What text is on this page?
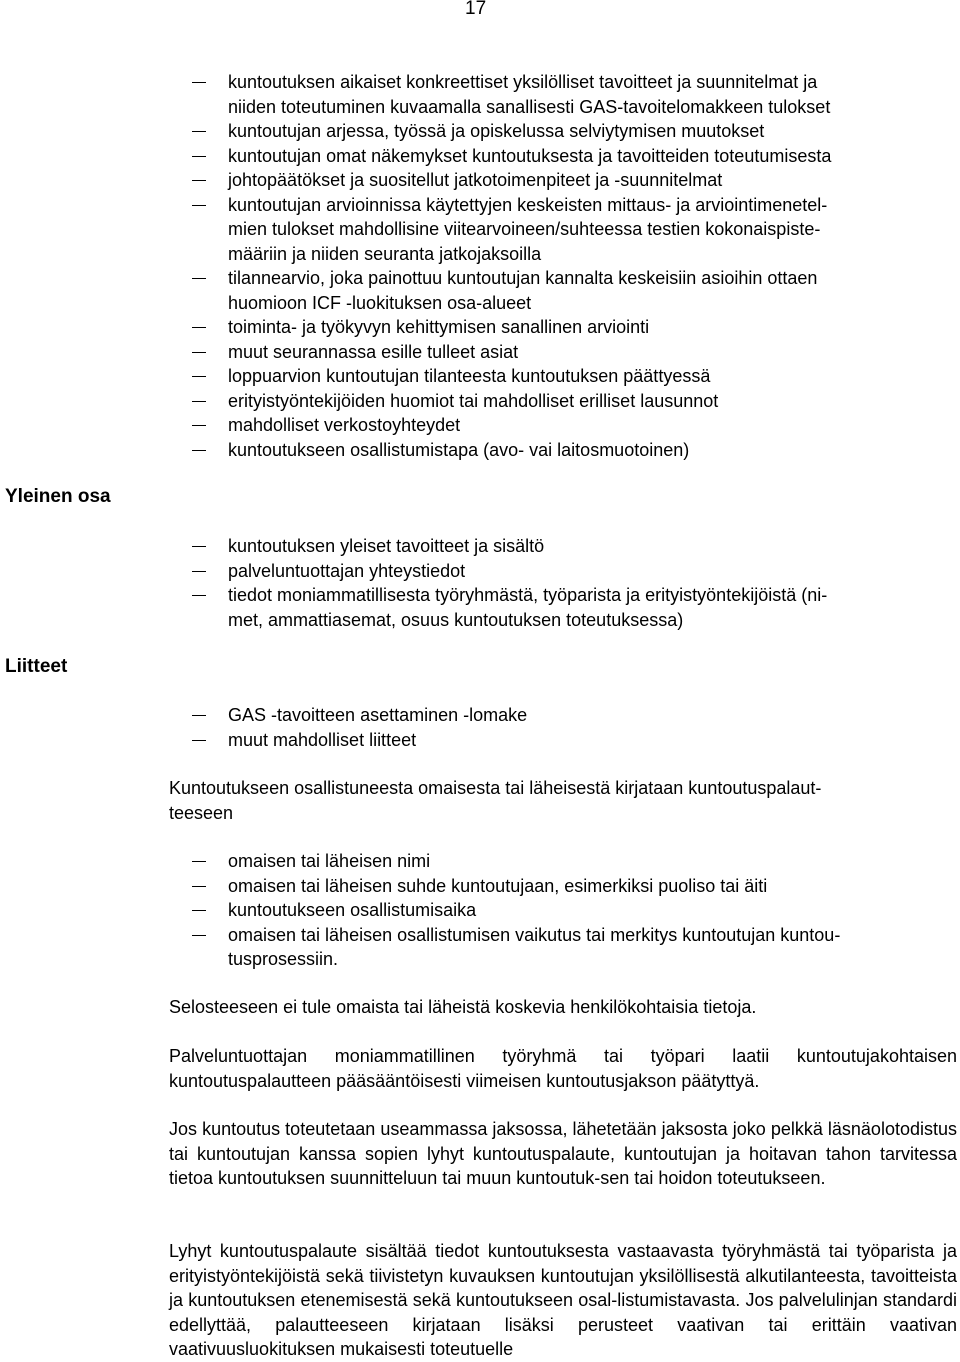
17
kuntoutuksen aikaiset konkreettiset yksilölliset tavoitteet ja suunnitelmat ja
niiden toteutuminen kuvaamalla sanallisesti GAS-tavoitelomakkeen tulokset
kuntoutujan arjessa, työssä ja opiskelussa selviytymisen muutokset
kuntoutujan omat näkemykset kuntoutuksesta ja tavoitteiden toteutumisesta
johtopäätökset ja suositellut jatkotoimenpiteet ja -suunnitelmat
kuntoutujan arvioinnissa käytettyjen keskeisten mittaus- ja arviointimenetel-
mien tulokset mahdollisine viitearvoineen/suhteessa testien kokonaispiste-
määriin ja niiden seuranta jatkojaksoilla
tilannearvio, joka painottuu kuntoutujan kannalta keskeisiin asioihin ottaen
huomioon ICF -luokituksen osa-alueet
toiminta- ja työkyvyn kehittymisen sanallinen arviointi
muut seurannassa esille tulleet asiat
loppuarvion kuntoutujan tilanteesta kuntoutuksen päättyessä
erityistyöntekijöiden huomiot tai mahdolliset erilliset lausunnot
mahdolliset verkostoyhteydet
kuntoutukseen osallistumistapa (avo- vai laitosmuotoinen)
Yleinen osa
kuntoutuksen yleiset tavoitteet ja sisältö
palveluntuottajan yhteystiedot
tiedot moniammatillisesta työryhmästä, työparista ja erityistyöntekijöistä (ni-
met, ammattiasemat, osuus kuntoutuksen toteutuksessa)
Liitteet
GAS -tavoitteen asettaminen -lomake
muut mahdolliset liitteet

Kuntoutukseen osallistuneesta omaisesta tai läheisestä kirjataan kuntoutuspalaut-
teeseen

omaisen tai läheisen nimi
omaisen tai läheisen suhde kuntoutujaan, esimerkiksi puoliso tai äiti
kuntoutukseen osallistumisaika
omaisen tai läheisen osallistumisen vaikutus tai merkitys kuntoutujan kuntou-
tusprosessiin.

Selosteeseen ei tule omaista tai läheistä koskevia henkilökohtaisia tietoja.

Palveluntuottajan moniammatillinen työryhmä tai työpari laatii kuntoutujakohtaisen kuntoutuspalautteen pääsääntöisesti viimeisen kuntoutusjakson päätyttyä.

Jos kuntoutus toteutetaan useammassa jaksossa, lähetetään jaksosta joko pelkkä läsnäolotodistus tai kuntoutujan kanssa sopien lyhyt kuntoutuspalaute, kuntoutujan ja hoitavan tahon tarvitessa tietoa kuntoutuksen suunnitteluun tai muun kuntoutuk-sen tai hoidon toteutukseen.

Lyhyt kuntoutuspalaute sisältää tiedot kuntoutuksesta vastaavasta työryhmästä tai työparista ja erityistyöntekijöistä sekä tiivistetyn kuvauksen kuntoutujan yksilöllisestä alkutilanteesta, tavoitteista ja kuntoutuksen etenemisestä sekä kuntoutukseen osal-listumistavasta. Jos palvelulinjan standardi edellyttää, palautteeseen kirjataan lisäksi perusteet vaativan tai erittäin vaativan vaativuusluokituksen mukaisesti toteutuelle
